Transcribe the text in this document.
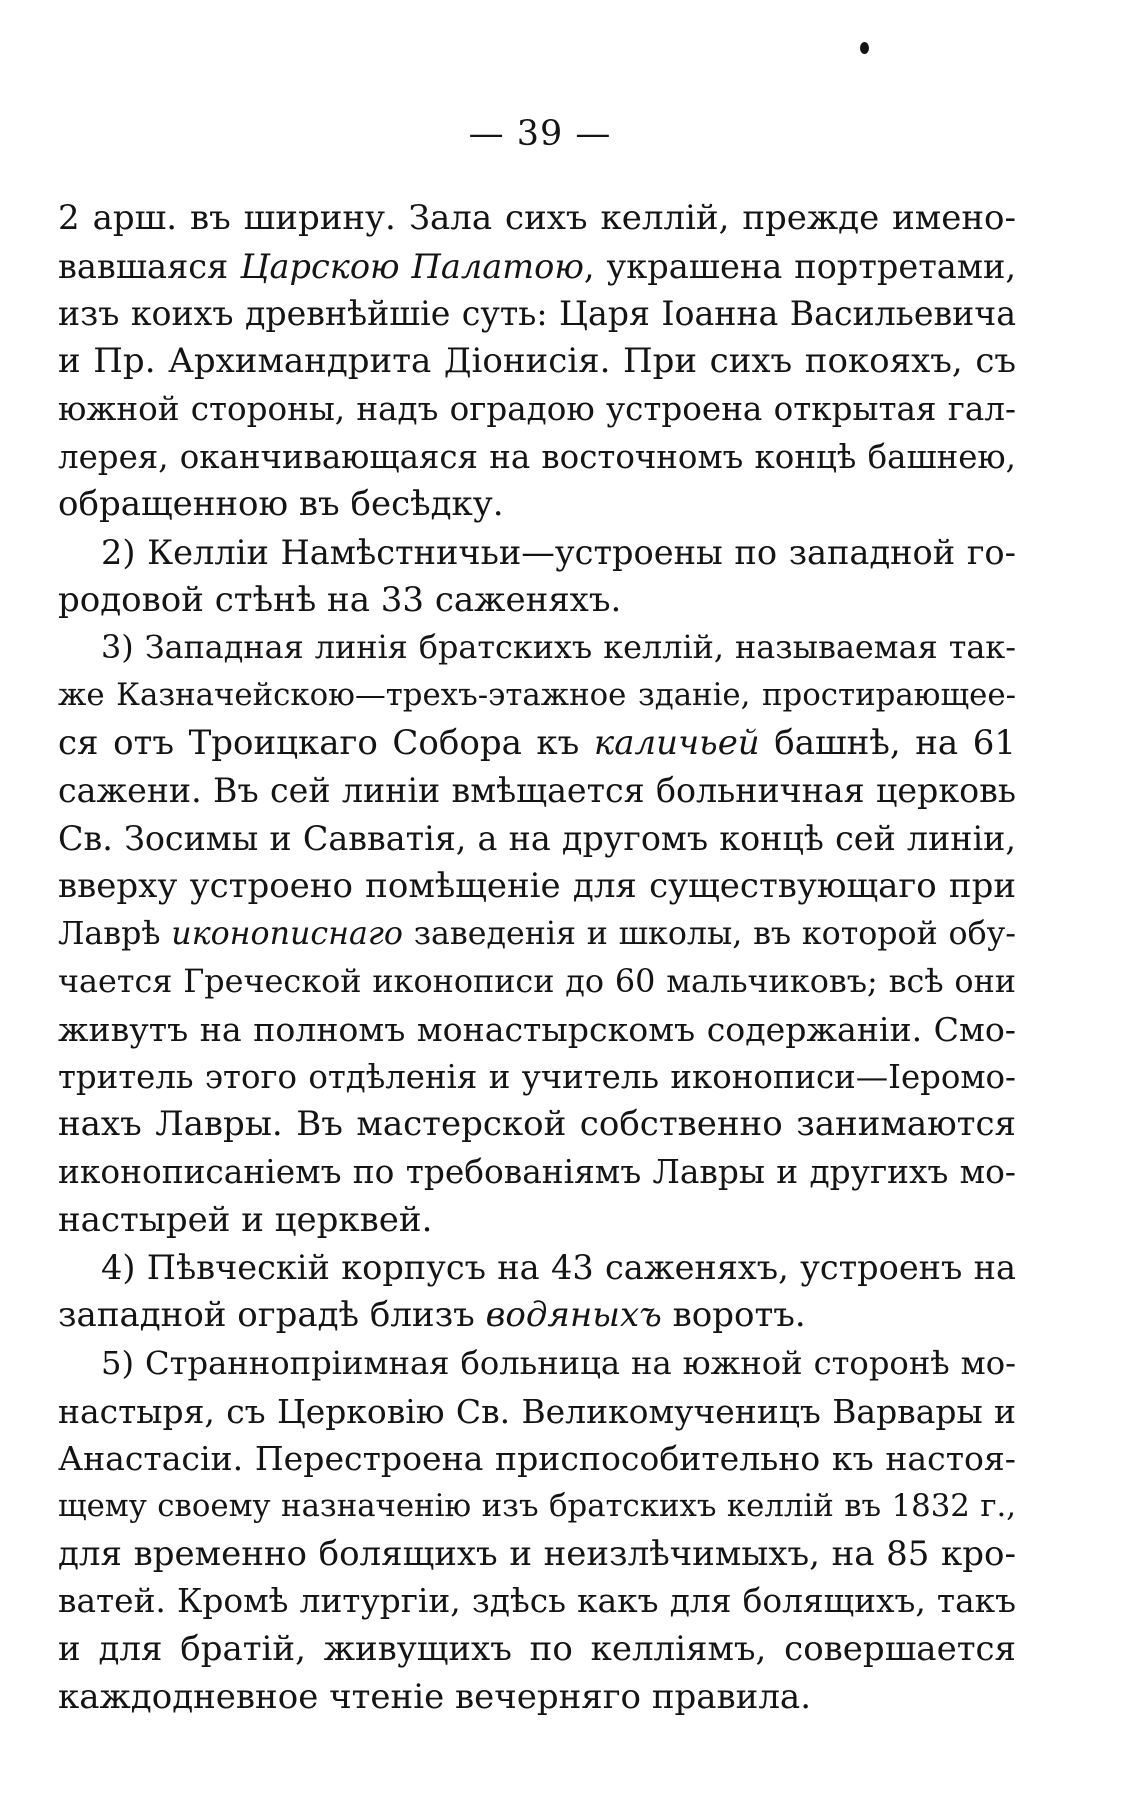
— 39 —

2 арш. въ ширину. Зала сихъ келлій, прежде имено-
вавшаяся Царскою Палатою, украшена портретами,
изъ коихъ древнѣйшіе суть: Царя Іоанна Васильевича
и Пр. Архимандрита Діонисія. При сихъ покояхъ, съ
южной стороны, надъ оградою устроена открытая гал-
лерея, оканчивающаяся на восточномъ концѣ башнею,
обращенною въ бесѣдку.

2) Келліи Намѣстничьи—устроены по западной го-
родовой стѣнѣ на 33 саженяхъ.

3) Западная линія братскихъ келлій, называемая так-
же Казначейскою—трехъ-этажное зданіе, простирающее-
ся отъ Троицкаго Собора къ каличьей башнѣ, на 61
сажени. Въ сей линіи вмѣщается больничная церковь
Св. Зосимы и Савватія, а на другомъ концѣ сей линіи,
вверху устроено помѣщеніе для существующаго при
Лаврѣ иконописнаго заведенія и школы, въ которой обу-
чается Греческой иконописи до 60 мальчиковъ; всѣ они
живутъ на полномъ монастырскомъ содержаніи. Смо-
тритель этого отдѣленія и учитель иконописи—Іеромо-
нахъ Лавры. Въ мастерской собственно занимаются
иконописаніемъ по требованіямъ Лавры и другихъ мо-
настырей и церквей.

4) Пѣвческій корпусъ на 43 саженяхъ, устроенъ на
западной оградѣ близъ водяныхъ воротъ.

5) Страннопріимная больница на южной сторонѣ мо-
настыря, съ Церковію Св. Великомученицъ Варвары и
Анастасіи. Перестроена приспособительно къ настоя-
щему своему назначенію изъ братскихъ келлій въ 1832 г.,
для временно болящихъ и неизлѣчимыхъ, на 85 кро-
ватей. Кромѣ литургіи, здѣсь какъ для болящихъ, такъ
и для братій, живущихъ по келліямъ, совершается
каждодневное чтеніе вечерняго правила.
